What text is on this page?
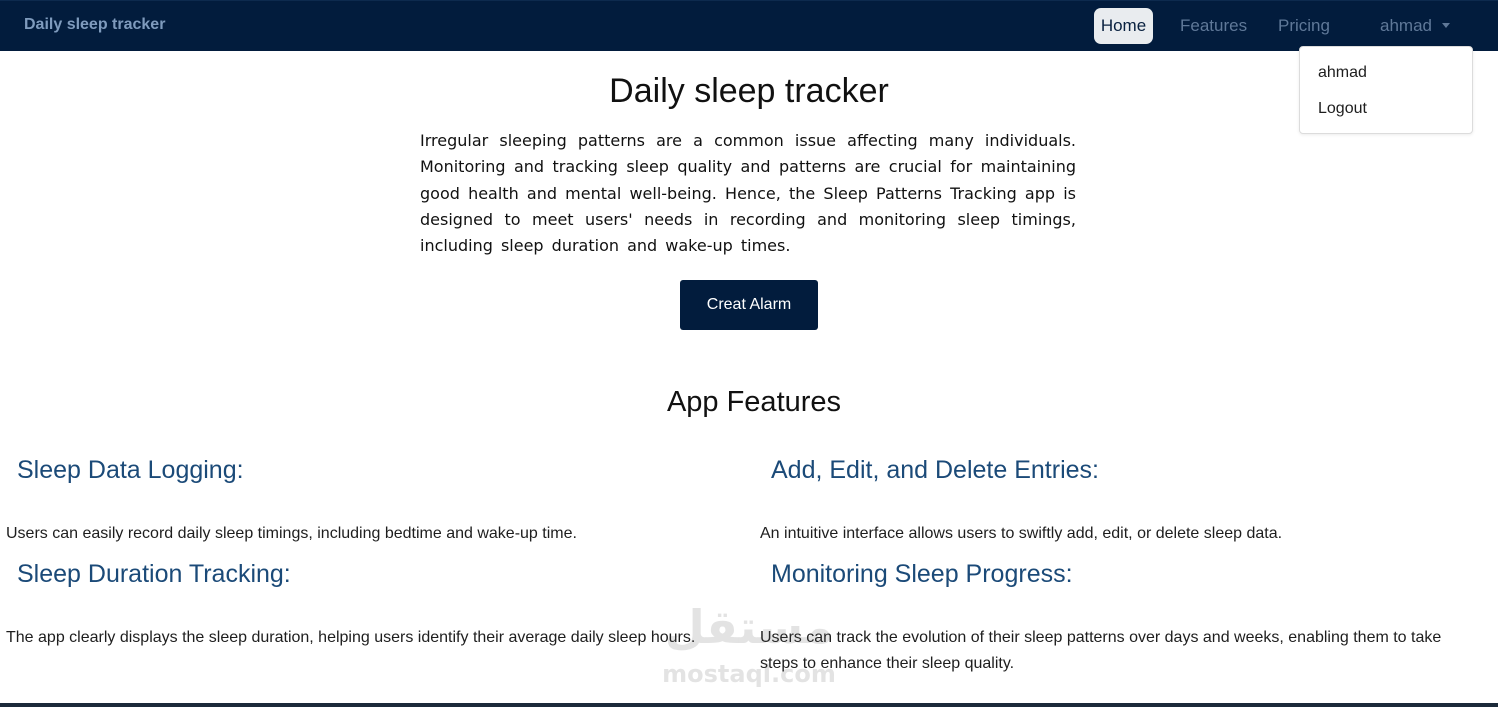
Daily sleep tracker	Home	Features Pricing	ahmad
ahmad
Logout
Daily sleep tracker
Irregular sleeping patterns are a common issue affecting many individuals. Monitoring and tracking sleep quality and patterns are crucial for maintaining good health and mental well-being. Hence, the Sleep Patterns Tracking app is designed to meet users' needs in recording and monitoring sleep timings, including sleep duration and wake-up times.
Creat Alarm
App Features
Sleep Data Logging:

Users can easily record daily sleep timings, including bedtime and wake-up time.

Add, Edit, and Delete Entries:

An intuitive interface allows users to swiftly add, edit, or delete sleep data.

Sleep Duration Tracking:

The app clearly displays the sleep duration, helping users identify their average daily sleep hours.

Monitoring Sleep Progress:

Users can track the evolution of their sleep patterns over days and weeks, enabling them to take steps to enhance their sleep quality.

مستقل
mostaql.com
